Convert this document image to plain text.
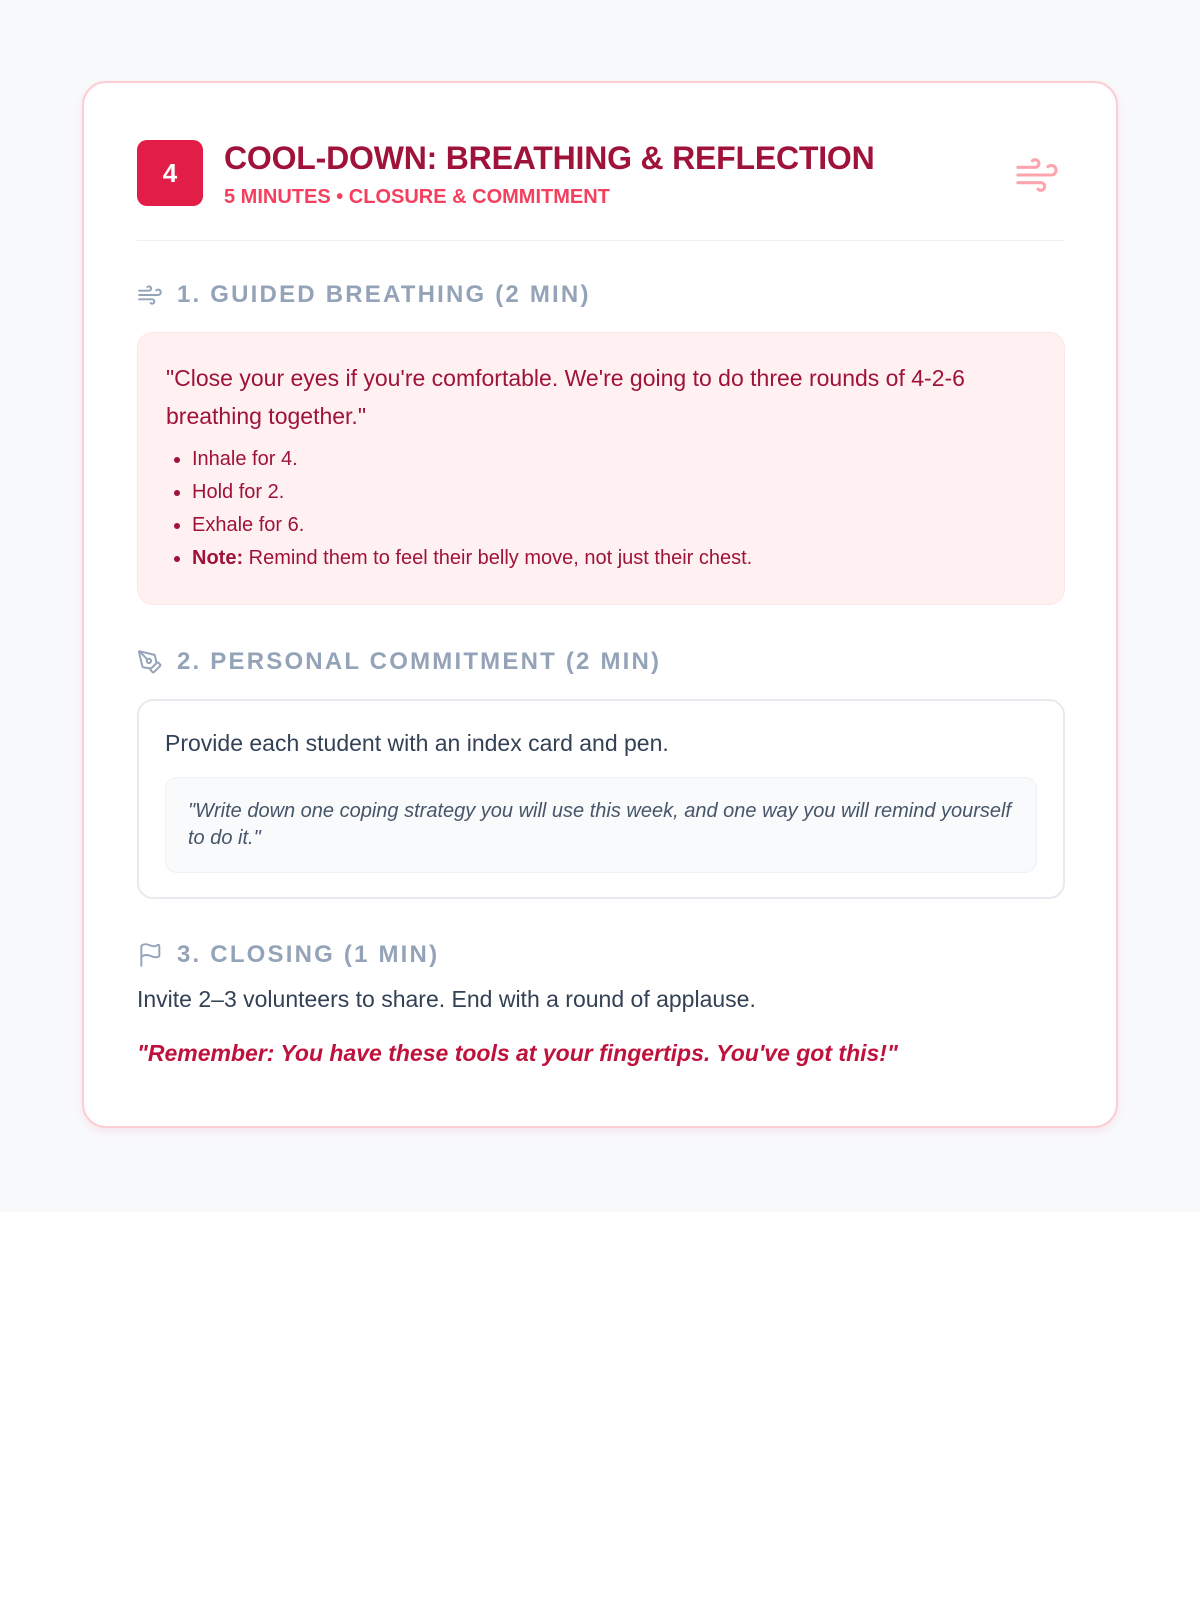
4	COOL-DOWN: BREATHING & REFLECTION
5 MINUTES • CLOSURE & COMMITMENT
1. GUIDED BREATHING (2 MIN)

"Close your eyes if you're comfortable. We're going to do three rounds of 4-2-6 breathing together."

• Inhale for 4.
• Hold for 2.
• Exhale for 6.
• Note: Remind them to feel their belly move, not just their chest.
2. PERSONAL COMMITMENT (2 MIN)

Provide each student with an index card and pen.

"Write down one coping strategy you will use this week, and one way you will remind yourself to do it."
3. CLOSING (1 MIN)
Invite 2–3 volunteers to share. End with a round of applause.
"Remember: You have these tools at your fingertips. You've got this!"
